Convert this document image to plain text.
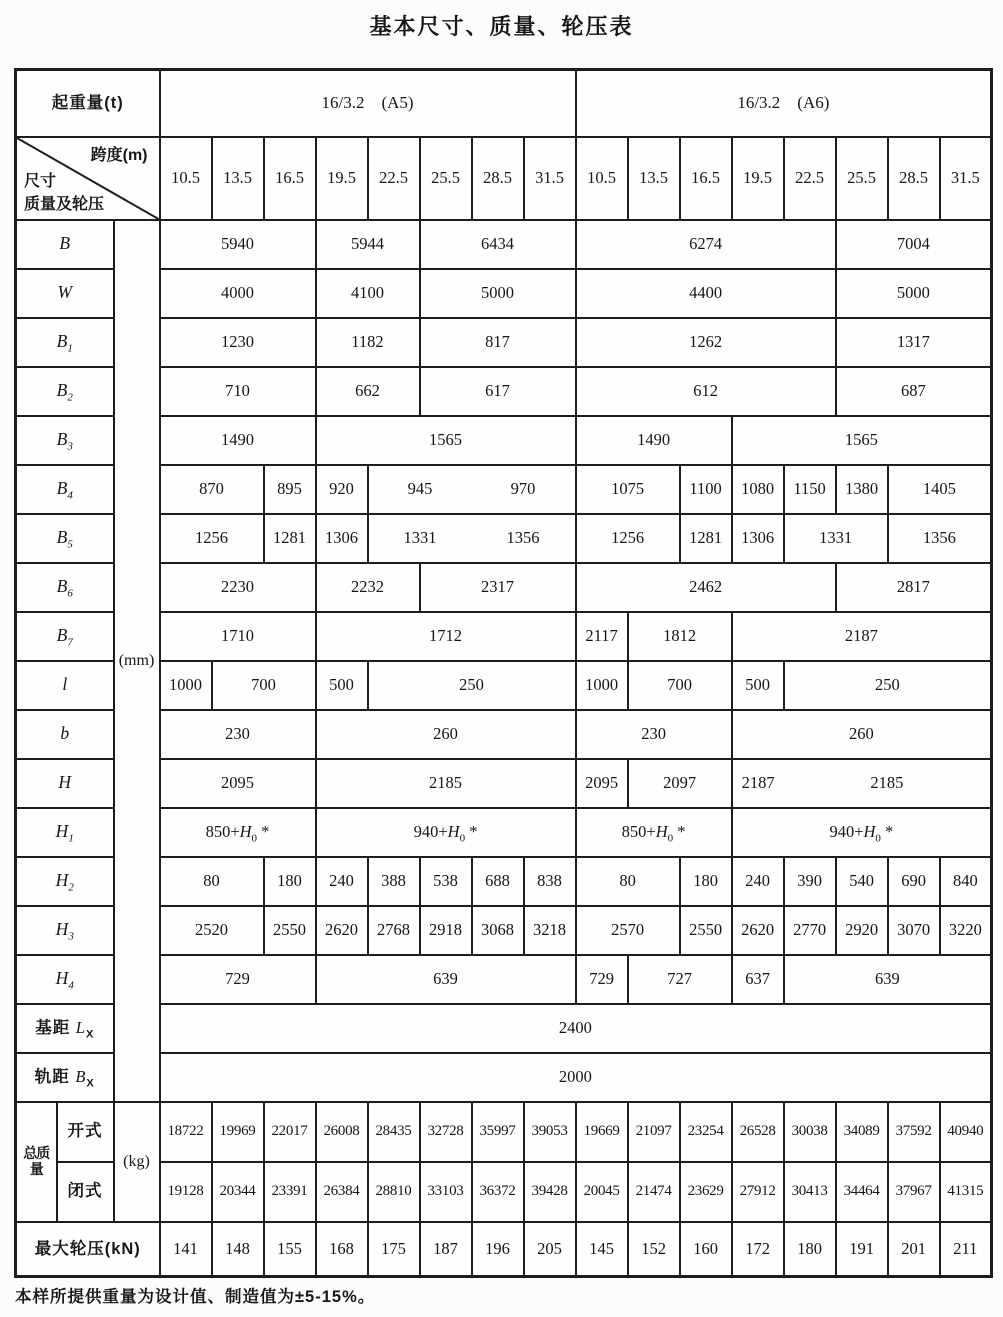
基本尺寸、质量、轮压表
起重量(t)			16/3.2　(A5)								16/3.2　(A6)							

跨度(m)
尺寸
质量及轮压			10.5	13.5	16.5	19.5	22.5	25.5	28.5	31.5	10.5	13.5	16.5	19.5	22.5	25.5	28.5	31.5
B		(mm)	5940			5944		6434			6274					7004		
W			4000			4100		5000			4400					5000		
$B_1$			1230			1182		817			1262					1317		
$B_2$			710			662		617			612					687		
$B_3$			1490			1565					1490			1565				
$B_4$			870		895	920	945		970		1075		1100	1080	1150	1380	1405	
$B_5$			1256		1281	1306	1331		1356		1256		1281	1306	1331		1356	
$B_6$			2230			2232		2317			2462					2817		
$B_7$			1710			1712					2117	1812		2187				
l			1000	700		500	250				1000	700		500	250			
b			230			260					230			260				
H			2095			2185					2095	2097		2187	2185			
$H_1$			$850+H_0$ *			$940+H_0$ *					$850+H_0$ *			$940+H_0$ *				
$H_2$			80		180	240	388	538	688	838	80		180	240	390	540	690	840
$H_3$			2520		2550	2620	2768	2918	3068	3218	2570		2550	2620	2770	2920	3070	3220
$H_4$			729			639					729	727		637	639			
基距 $L_X$			2400															
轨距 $B_X$			2000															
总质量	开式	(kg)	18722	19969	22017	26008	28435	32728	35997	39053	19669	21097	23254	26528	30038	34089	37592	40940
	闭式		19128	20344	23391	26384	28810	33103	36372	39428	20045	21474	23629	27912	30413	34464	37967	41315
最大轮压(kN)			141	148	155	168	175	187	196	205	145	152	160	172	180	191	201	211
本样所提供重量为设计值、制造值为±5-15%。
